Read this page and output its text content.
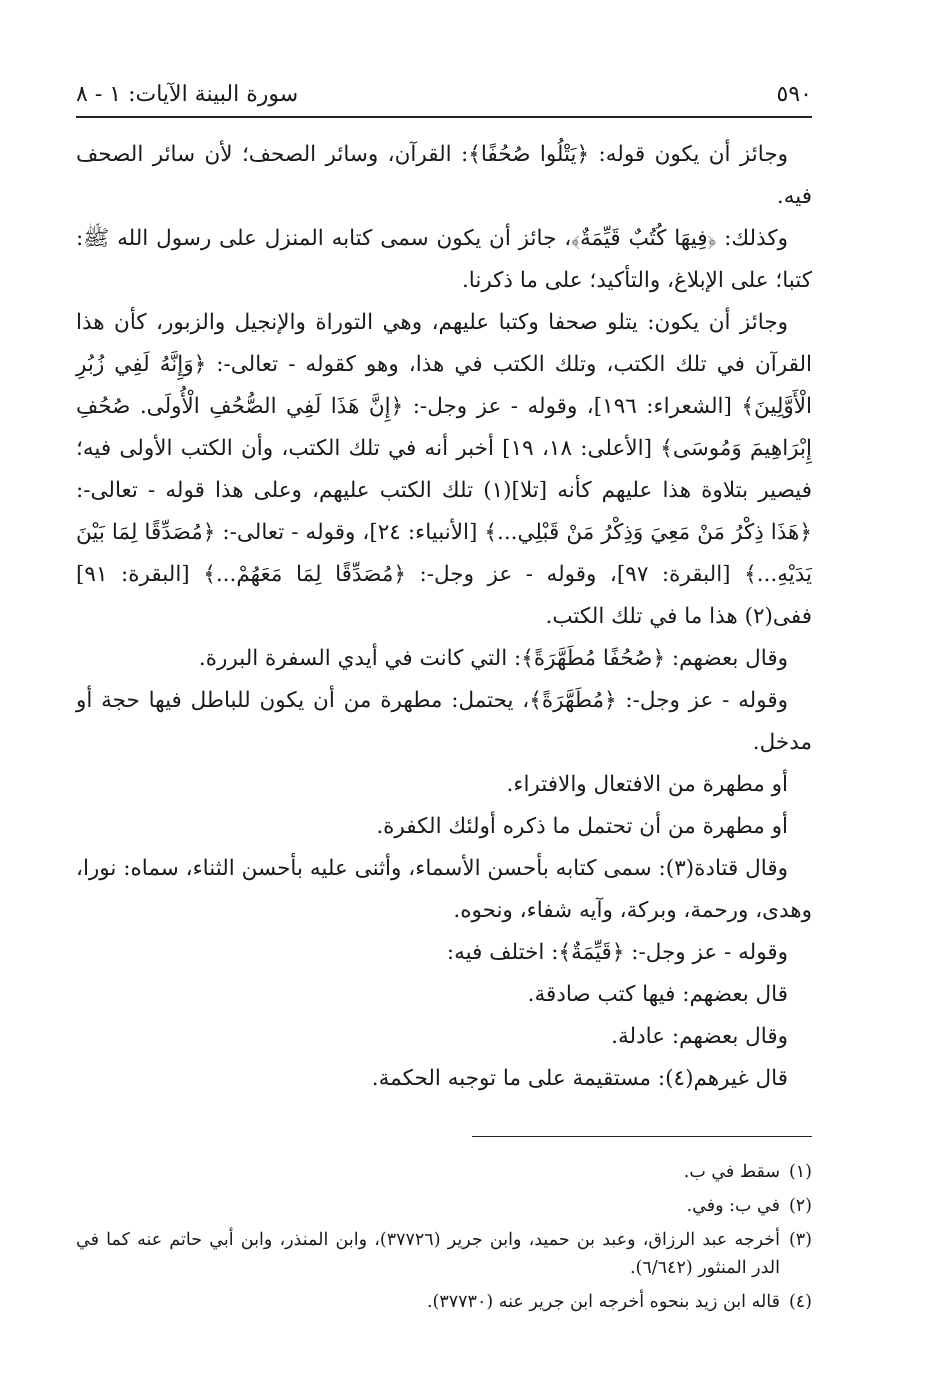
٥٩٠
سورة البينة الآيات: ١ - ٨

وجائز أن يكون قوله: ﴿يَتْلُوا صُحُفًا﴾: القرآن، وسائر الصحف؛ لأن سائر الصحف فيه.

وكذلك: ﴿فِيهَا كُتُبٌ قَيِّمَةٌ﴾، جائز أن يكون سمى كتابه المنزل على رسول الله ﷺ: كتبا؛ على الإبلاغ، والتأكيد؛ على ما ذكرنا.

وجائز أن يكون: يتلو صحفا وكتبا عليهم، وهي التوراة والإنجيل والزبور، كأن هذا القرآن في تلك الكتب، وتلك الكتب في هذا، وهو كقوله - تعالى-: ﴿وَإِنَّهُ لَفِي زُبُرِ الْأَوَّلِينَ﴾ [الشعراء: ١٩٦]، وقوله - عز وجل-: ﴿إِنَّ هَذَا لَفِي الصُّحُفِ الْأُولَى. صُحُفِ إِبْرَاهِيمَ وَمُوسَى﴾ [الأعلى: ١٨، ١٩] أخبر أنه في تلك الكتب، وأن الكتب الأولى فيه؛ فيصير بتلاوة هذا عليهم كأنه [تلا](١) تلك الكتب عليهم، وعلى هذا قوله - تعالى-: ﴿هَذَا ذِكْرُ مَنْ مَعِيَ وَذِكْرُ مَنْ قَبْلِي...﴾ [الأنبياء: ٢٤]، وقوله - تعالى-: ﴿مُصَدِّقًا لِمَا بَيْنَ يَدَيْهِ...﴾ [البقرة: ٩٧]، وقوله - عز وجل-: ﴿مُصَدِّقًا لِمَا مَعَهُمْ...﴾ [البقرة: ٩١] ففى(٢) هذا ما في تلك الكتب.

وقال بعضهم: ﴿صُحُفًا مُطَهَّرَةً﴾: التي كانت في أيدي السفرة البررة.

وقوله - عز وجل-: ﴿مُطَهَّرَةً﴾، يحتمل: مطهرة من أن يكون للباطل فيها حجة أو مدخل.

أو مطهرة من الافتعال والافتراء.

أو مطهرة من أن تحتمل ما ذكره أولئك الكفرة.

وقال قتادة(٣): سمى كتابه بأحسن الأسماء، وأثنى عليه بأحسن الثناء، سماه: نورا، وهدى، ورحمة، وبركة، وآيه شفاء، ونحوه.

وقوله - عز وجل-: ﴿قَيِّمَةٌ﴾: اختلف فيه:

قال بعضهم: فيها كتب صادقة.

وقال بعضهم: عادلة.

قال غيرهم(٤): مستقيمة على ما توجبه الحكمة.

(١)
سقط في ب.
(٢)
في ب: وفي.
(٣)
أخرجه عبد الرزاق، وعبد بن حميد، وابن جرير (٣٧٧٢٦)، وابن المنذر، وابن أبي حاتم عنه كما في الدر المنثور (٦/٦٤٢).
(٤)
قاله ابن زيد بنحوه أخرجه ابن جرير عنه (٣٧٧٣٠).
